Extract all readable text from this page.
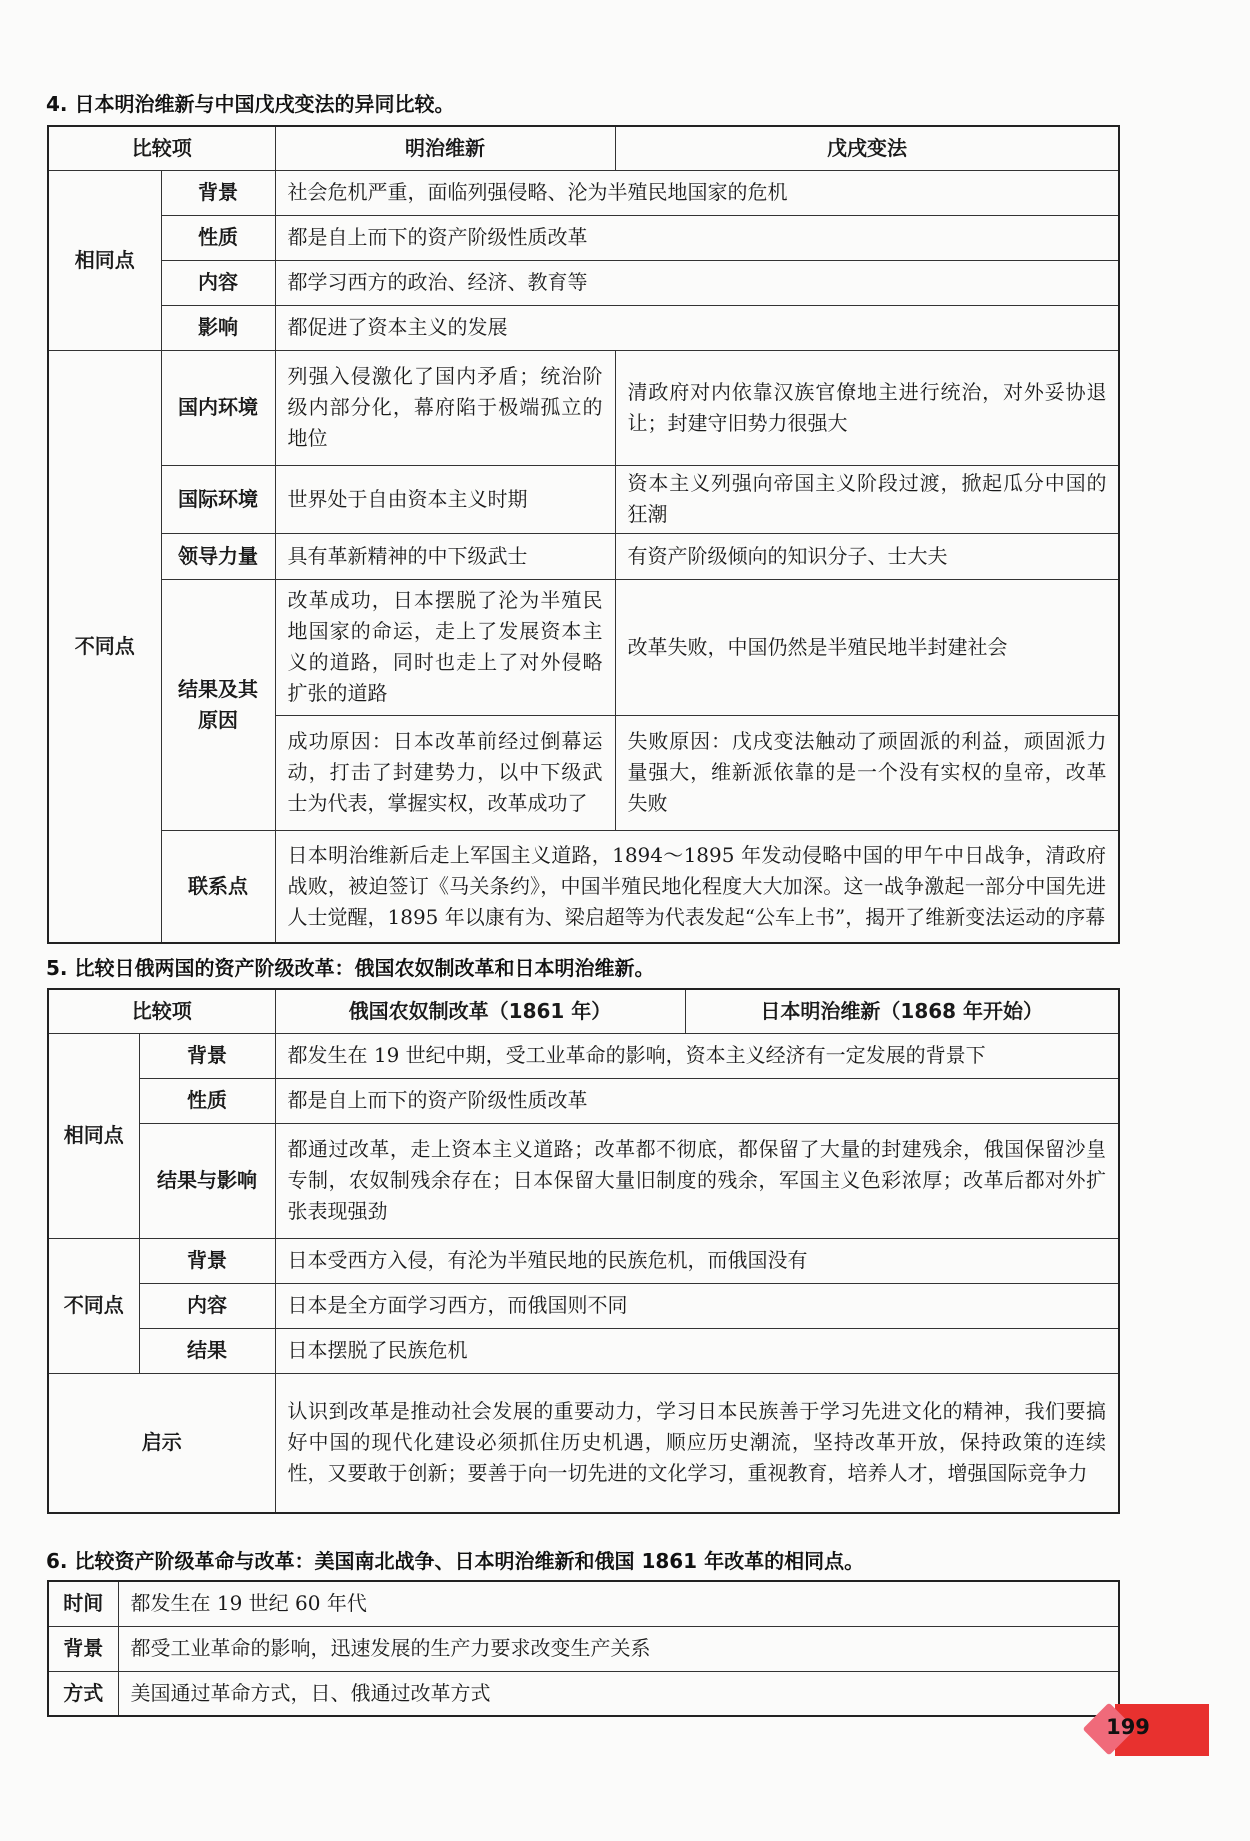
4. 日本明治维新与中国戊戌变法的异同比较。
比较项		明治维新	戊戌变法
相同点	背景	社会危机严重，面临列强侵略、沦为半殖民地国家的危机	
	性质	都是自上而下的资产阶级性质改革	
	内容	都学习西方的政治、经济、教育等	
	影响	都促进了资本主义的发展	
不同点	国内环境	列强入侵激化了国内矛盾；统治阶级内部分化，幕府陷于极端孤立的地位	清政府对内依靠汉族官僚地主进行统治，对外妥协退让；封建守旧势力很强大
	国际环境	世界处于自由资本主义时期	资本主义列强向帝国主义阶段过渡，掀起瓜分中国的狂潮
	领导力量	具有革新精神的中下级武士	有资产阶级倾向的知识分子、士大夫
	结果及其原因	改革成功，日本摆脱了沦为半殖民地国家的命运，走上了发展资本主义的道路，同时也走上了对外侵略扩张的道路	改革失败，中国仍然是半殖民地半封建社会
		成功原因：日本改革前经过倒幕运动，打击了封建势力，以中下级武士为代表，掌握实权，改革成功了	失败原因：戊戌变法触动了顽固派的利益，顽固派力量强大，维新派依靠的是一个没有实权的皇帝，改革失败
	联系点	日本明治维新后走上军国主义道路，1894～1895 年发动侵略中国的甲午中日战争，清政府战败，被迫签订《马关条约》，中国半殖民地化程度大大加深。这一战争激起一部分中国先进人士觉醒，1895 年以康有为、梁启超等为代表发起“公车上书”，揭开了维新变法运动的序幕	
5. 比较日俄两国的资产阶级改革：俄国农奴制改革和日本明治维新。
比较项		俄国农奴制改革（1861 年）	日本明治维新（1868 年开始）
相同点	背景	都发生在 19 世纪中期，受工业革命的影响，资本主义经济有一定发展的背景下	
	性质	都是自上而下的资产阶级性质改革	
	结果与影响	都通过改革，走上资本主义道路；改革都不彻底，都保留了大量的封建残余，俄国保留沙皇专制，农奴制残余存在；日本保留大量旧制度的残余，军国主义色彩浓厚；改革后都对外扩张表现强劲	
不同点	背景	日本受西方入侵，有沦为半殖民地的民族危机，而俄国没有	
	内容	日本是全方面学习西方，而俄国则不同	
	结果	日本摆脱了民族危机	
启示		认识到改革是推动社会发展的重要动力，学习日本民族善于学习先进文化的精神，我们要搞好中国的现代化建设必须抓住历史机遇，顺应历史潮流，坚持改革开放，保持政策的连续性，又要敢于创新；要善于向一切先进的文化学习，重视教育，培养人才，增强国际竞争力	
6. 比较资产阶级革命与改革：美国南北战争、日本明治维新和俄国 1861 年改革的相同点。
时间	都发生在 19 世纪 60 年代
背景	都受工业革命的影响，迅速发展的生产力要求改变生产关系
方式	美国通过革命方式，日、俄通过改革方式
199
